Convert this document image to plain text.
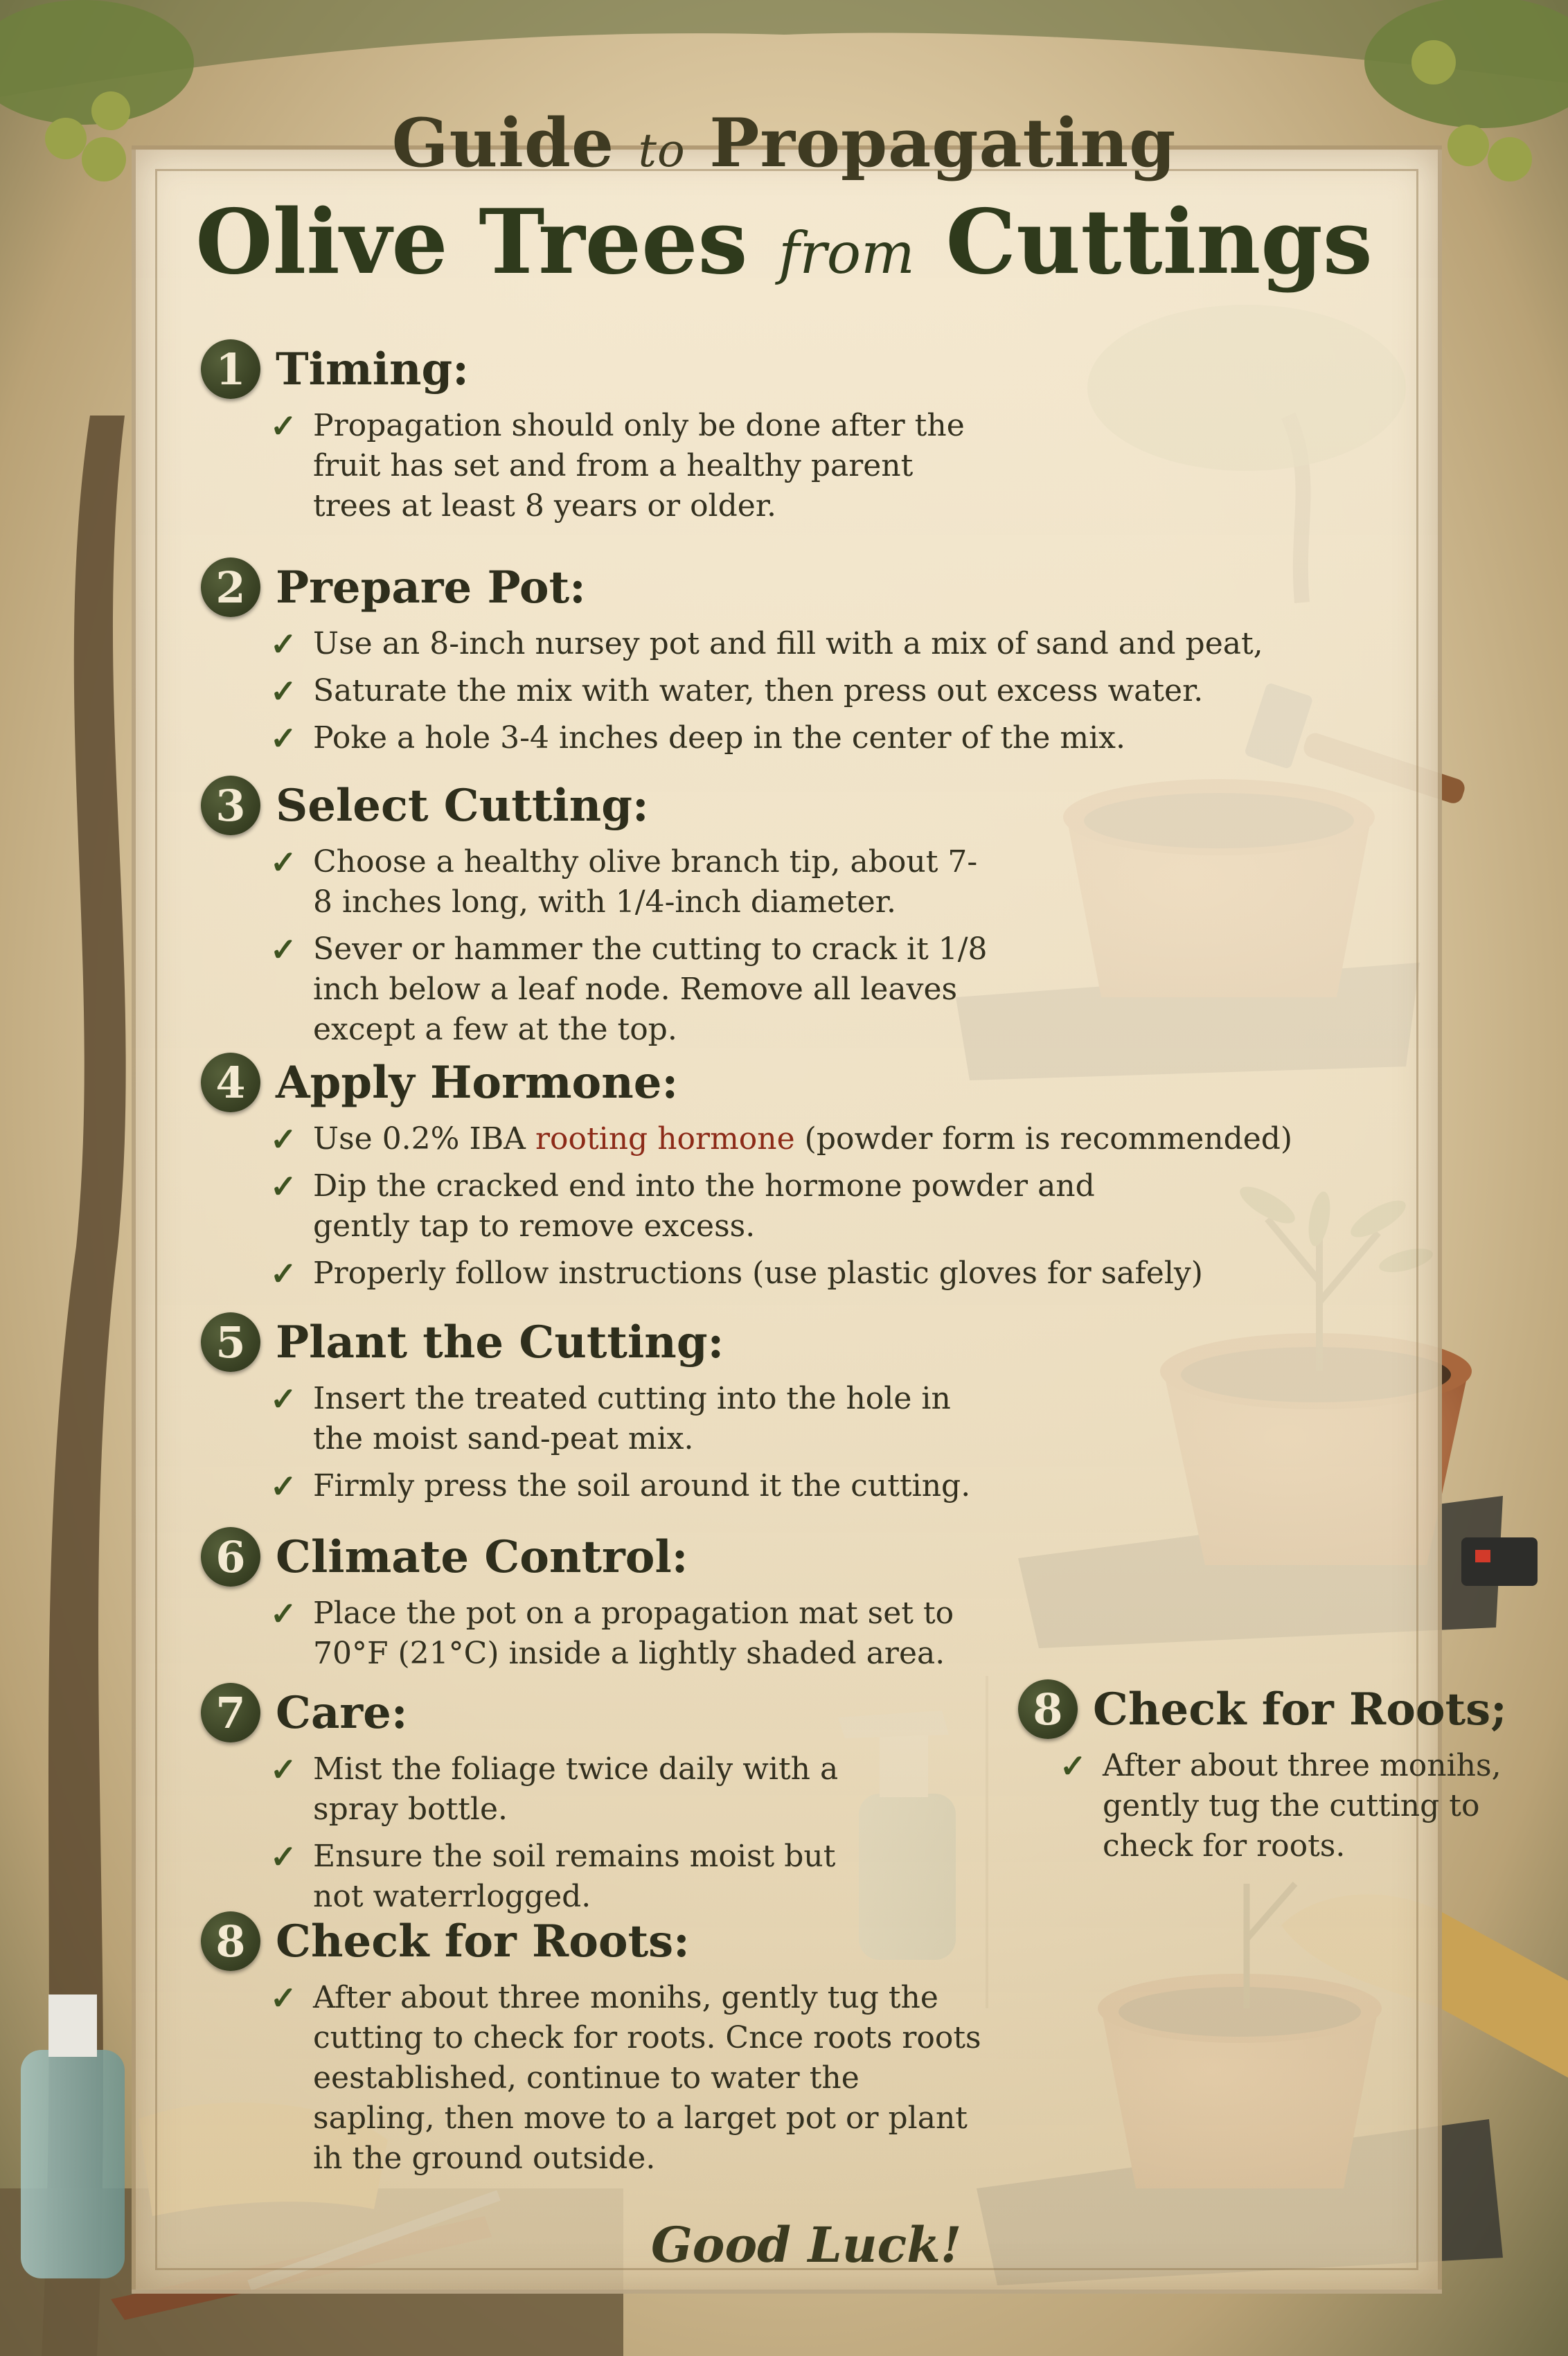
Guide to Propagating
Olive Trees from Cuttings
1 Timing:
✓ Propagation should only be done after the fruit has set and from a healthy parent trees at least 8 years or older.
2 Prepare Pot:
✓ Use an 8-inch nursey pot and fill with a mix of sand and peat,
✓ Saturate the mix with water, then press out excess water.
✓ Poke a hole 3-4 inches deep in the center of the mix.
3 Select Cutting:
✓ Choose a healthy olive branch tip, about 7-8 inches long, with 1/4-inch diameter.
✓ Sever or hammer the cutting to crack it 1/8 inch below a leaf node. Remove all leaves except a few at the top.
4 Apply Hormone:
✓ Use 0.2% IBA rooting hormone (powder form is recommended)
✓ Dip the cracked end into the hormone powder and gently tap to remove excess.
✓ Properly follow instructions (use plastic gloves for safely)
5 Plant the Cutting:
✓ Insert the treated cutting into the hole in the moist sand-peat mix.
✓ Firmly press the soil around it the cutting.
6 Climate Control:
✓ Place the pot on a propagation mat set to 70°F (21°C) inside a lightly shaded area.
7 Care:
✓ Mist the foliage twice daily with a spray bottle.
✓ Ensure the soil remains moist but not waterrlogged.
8 Check for Roots:
✓ After about three monihs, gently tug the cutting to check for roots. Cnce roots roots eestablished, continue to water the sapling, then move to a larget pot or plant ih the ground outside.
8 Check for Roots;
✓ After about three monihs, gently tug the cutting to check for roots.
Good Luck!
